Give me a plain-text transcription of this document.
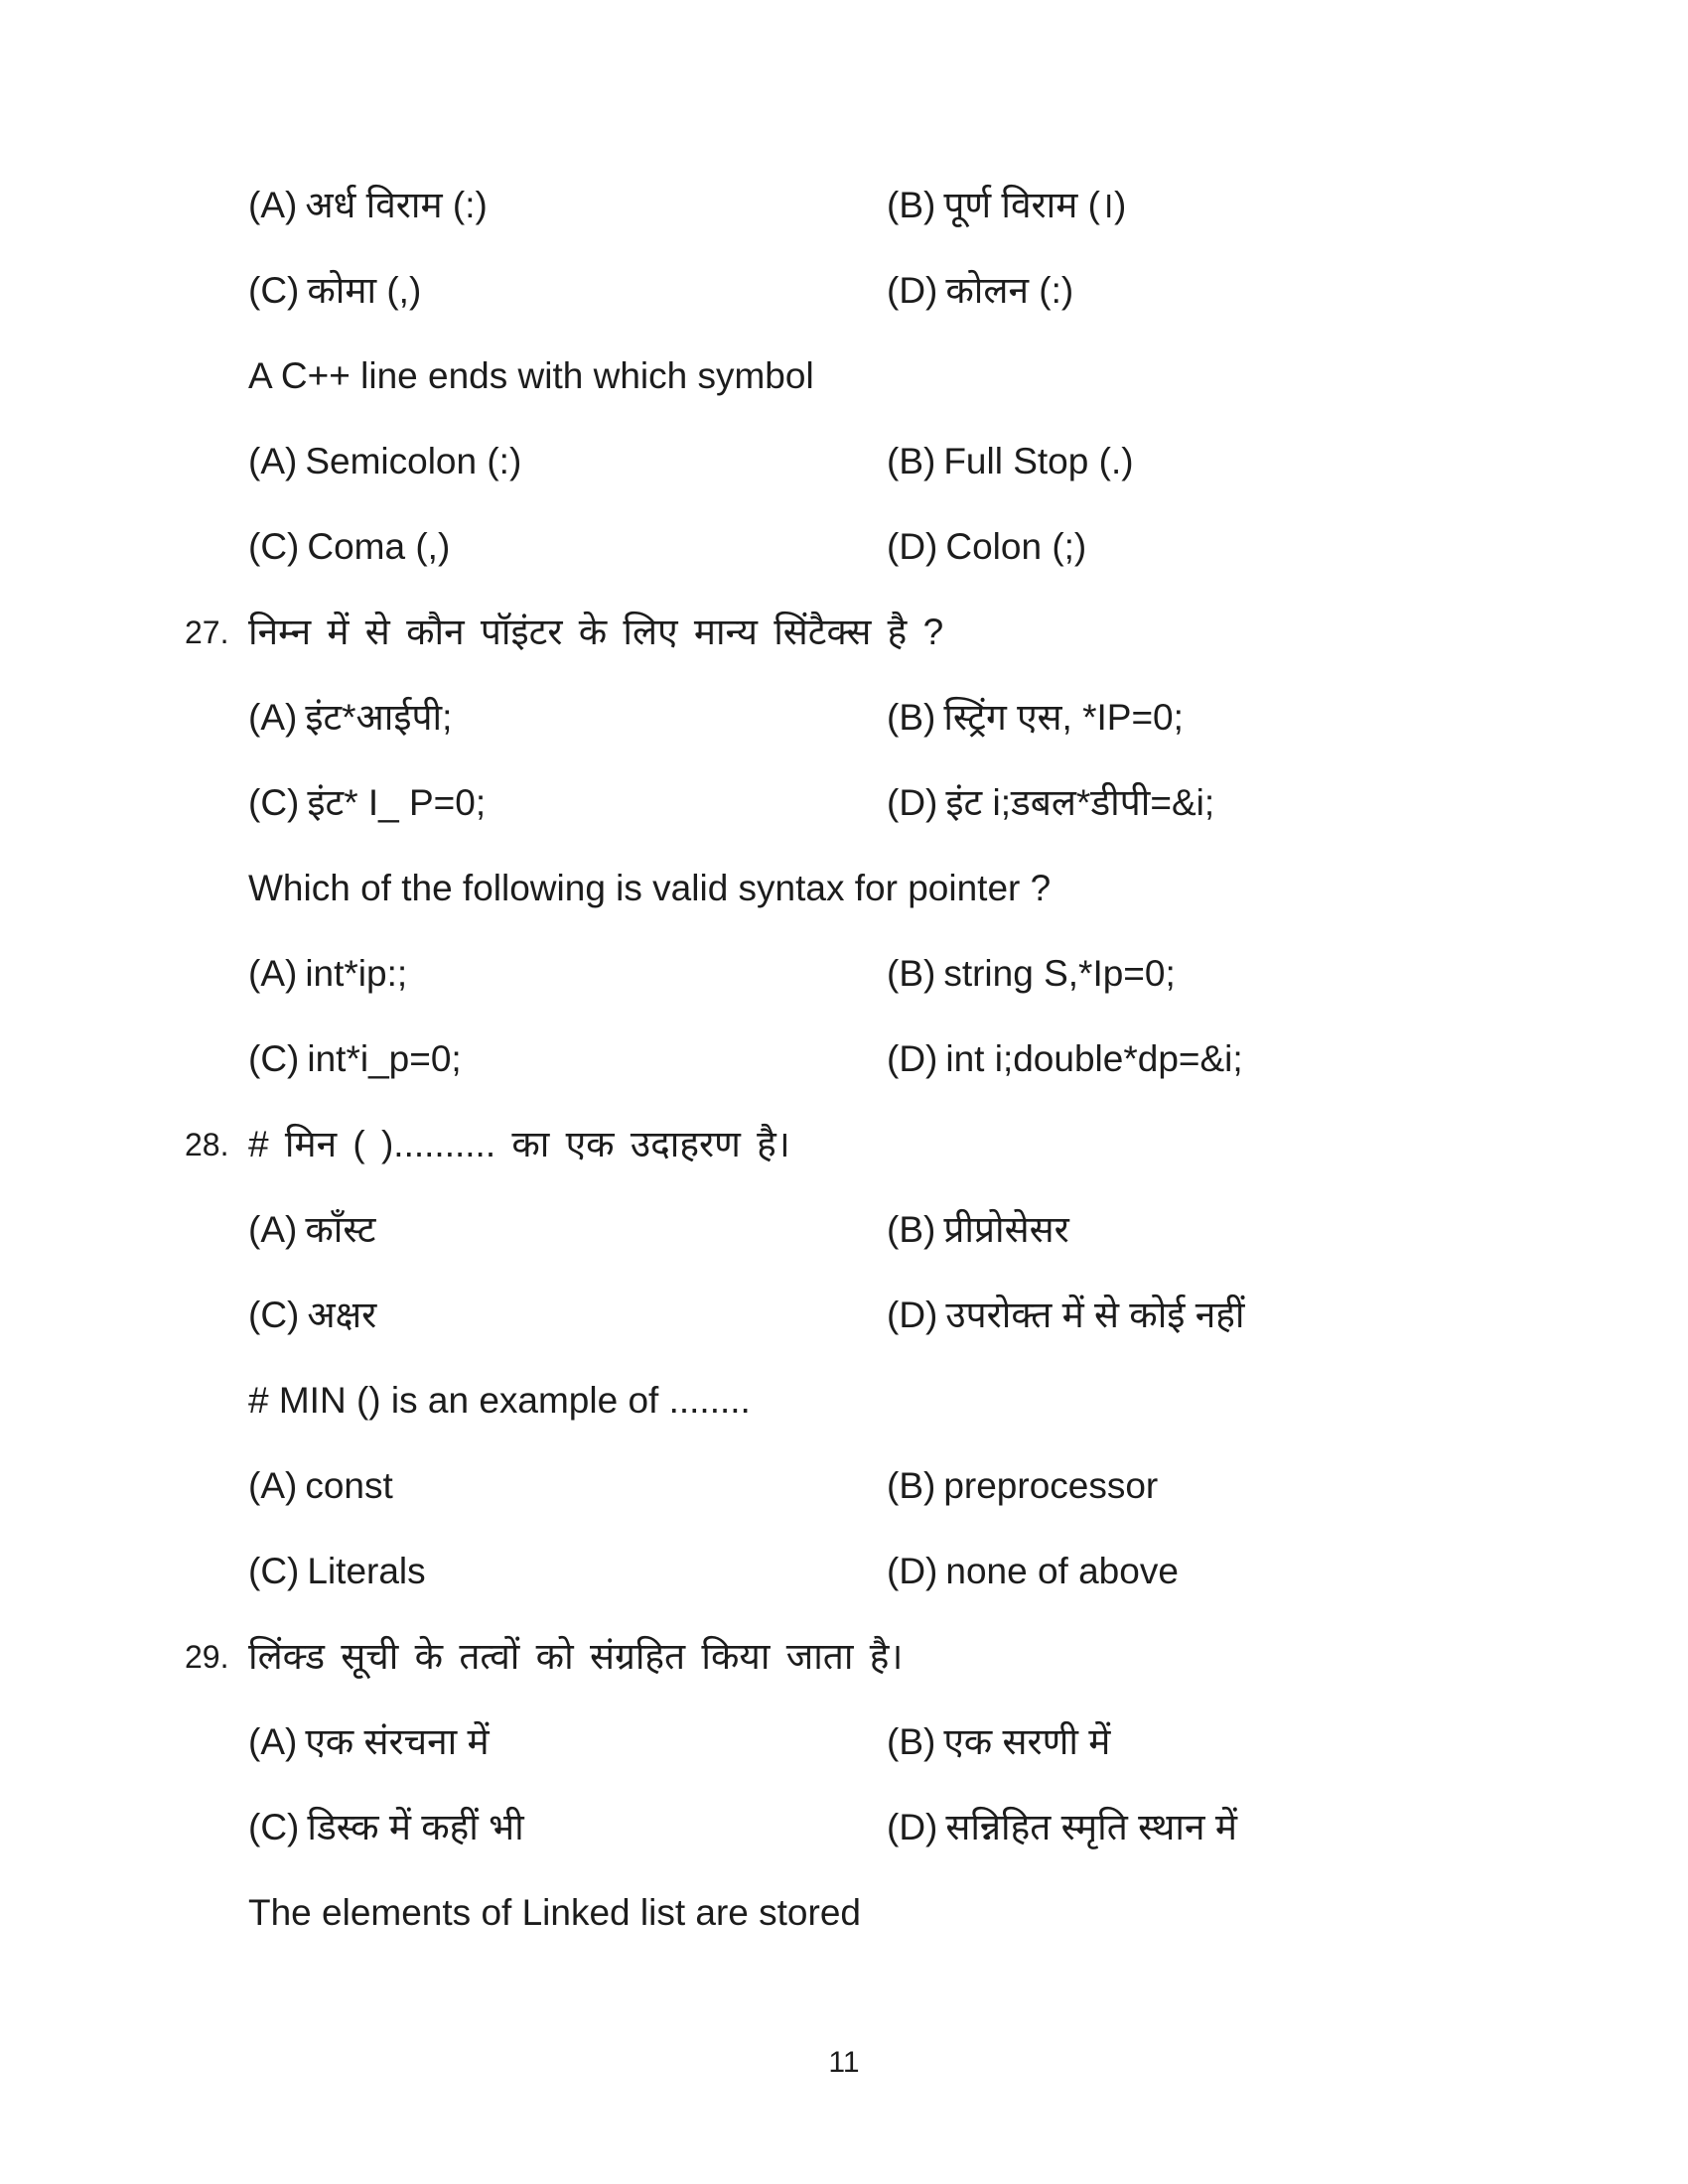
(A) अर्ध विराम (:)	(B) पूर्ण विराम (।)
(C) कोमा (,)	(D) कोलन (:)
A C++ line ends with which symbol
(A) Semicolon (:)	(B) Full Stop (.)
(C) Coma (,)	(D) Colon (;)
27. निम्न में से कौन पॉइंटर के लिए मान्य सिंटैक्स है ?
(A) इंट*आईपी;	(B) स्ट्रिंग एस, *IP=0;
(C) इंट* I_ P=0;	(D) इंट i;डबल*डीपी=&i;
Which of the following is valid syntax for pointer ?
(A) int*ip:;	(B) string S,*Ip=0;
(C) int*i_p=0;	(D) int i;double*dp=&i;
28. # मिन ( ).......... का एक उदाहरण है।
(A) काँस्ट	(B) प्रीप्रोसेसर
(C) अक्षर	(D) उपरोक्त में से कोई नहीं
# MIN () is an example of ........
(A) const	(B) preprocessor
(C) Literals	(D) none of above
29. लिंक्ड सूची के तत्वों को संग्रहित किया जाता है।
(A) एक संरचना में	(B) एक सरणी में
(C) डिस्क में कहीं भी	(D) सन्निहित स्मृति स्थान में
The elements of Linked list are stored
11
